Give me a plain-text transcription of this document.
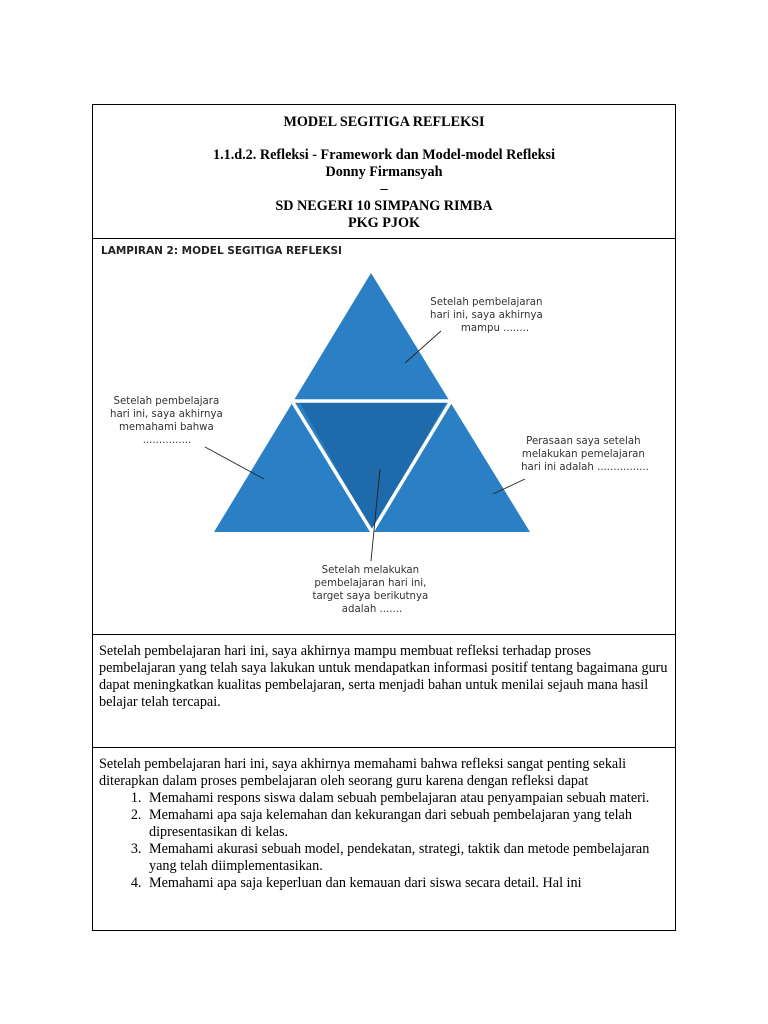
MODEL SEGITIGA REFLEKSI
1.1.d.2. Refleksi - Framework dan Model-model Refleksi
Donny Firmansyah
–
SD NEGERI 10 SIMPANG RIMBA
PKG PJOK

LAMPIRAN 2: MODEL SEGITIGA REFLEKSI
Setelah pembelajaran hari ini, saya akhirnya mampu ........
Setelah pembelajara hari ini, saya akhirnya memahami bahwa ...............	Perasaan saya setelah melakukan pemelajaran hari ini adalah ................
Setelah melakukan pembelajaran hari ini, target saya berikutnya adalah .......

Setelah pembelajaran hari ini, saya akhirnya mampu membuat refleksi terhadap proses pembelajaran yang telah saya lakukan untuk mendapatkan informasi positif tentang bagaimana guru dapat meningkatkan kualitas pembelajaran, serta menjadi bahan untuk menilai sejauh mana hasil belajar telah tercapai.

Setelah pembelajaran hari ini, saya akhirnya memahami bahwa refleksi sangat penting sekali diterapkan dalam proses pembelajaran oleh seorang guru karena dengan refleksi dapat
1. Memahami respons siswa dalam sebuah pembelajaran atau penyampaian sebuah materi.
2. Memahami apa saja kelemahan dan kekurangan dari sebuah pembelajaran yang telah dipresentasikan di kelas.
3. Memahami akurasi sebuah model, pendekatan, strategi, taktik dan metode pembelajaran yang telah diimplementasikan.
4. Memahami apa saja keperluan dan kemauan dari siswa secara detail. Hal ini
